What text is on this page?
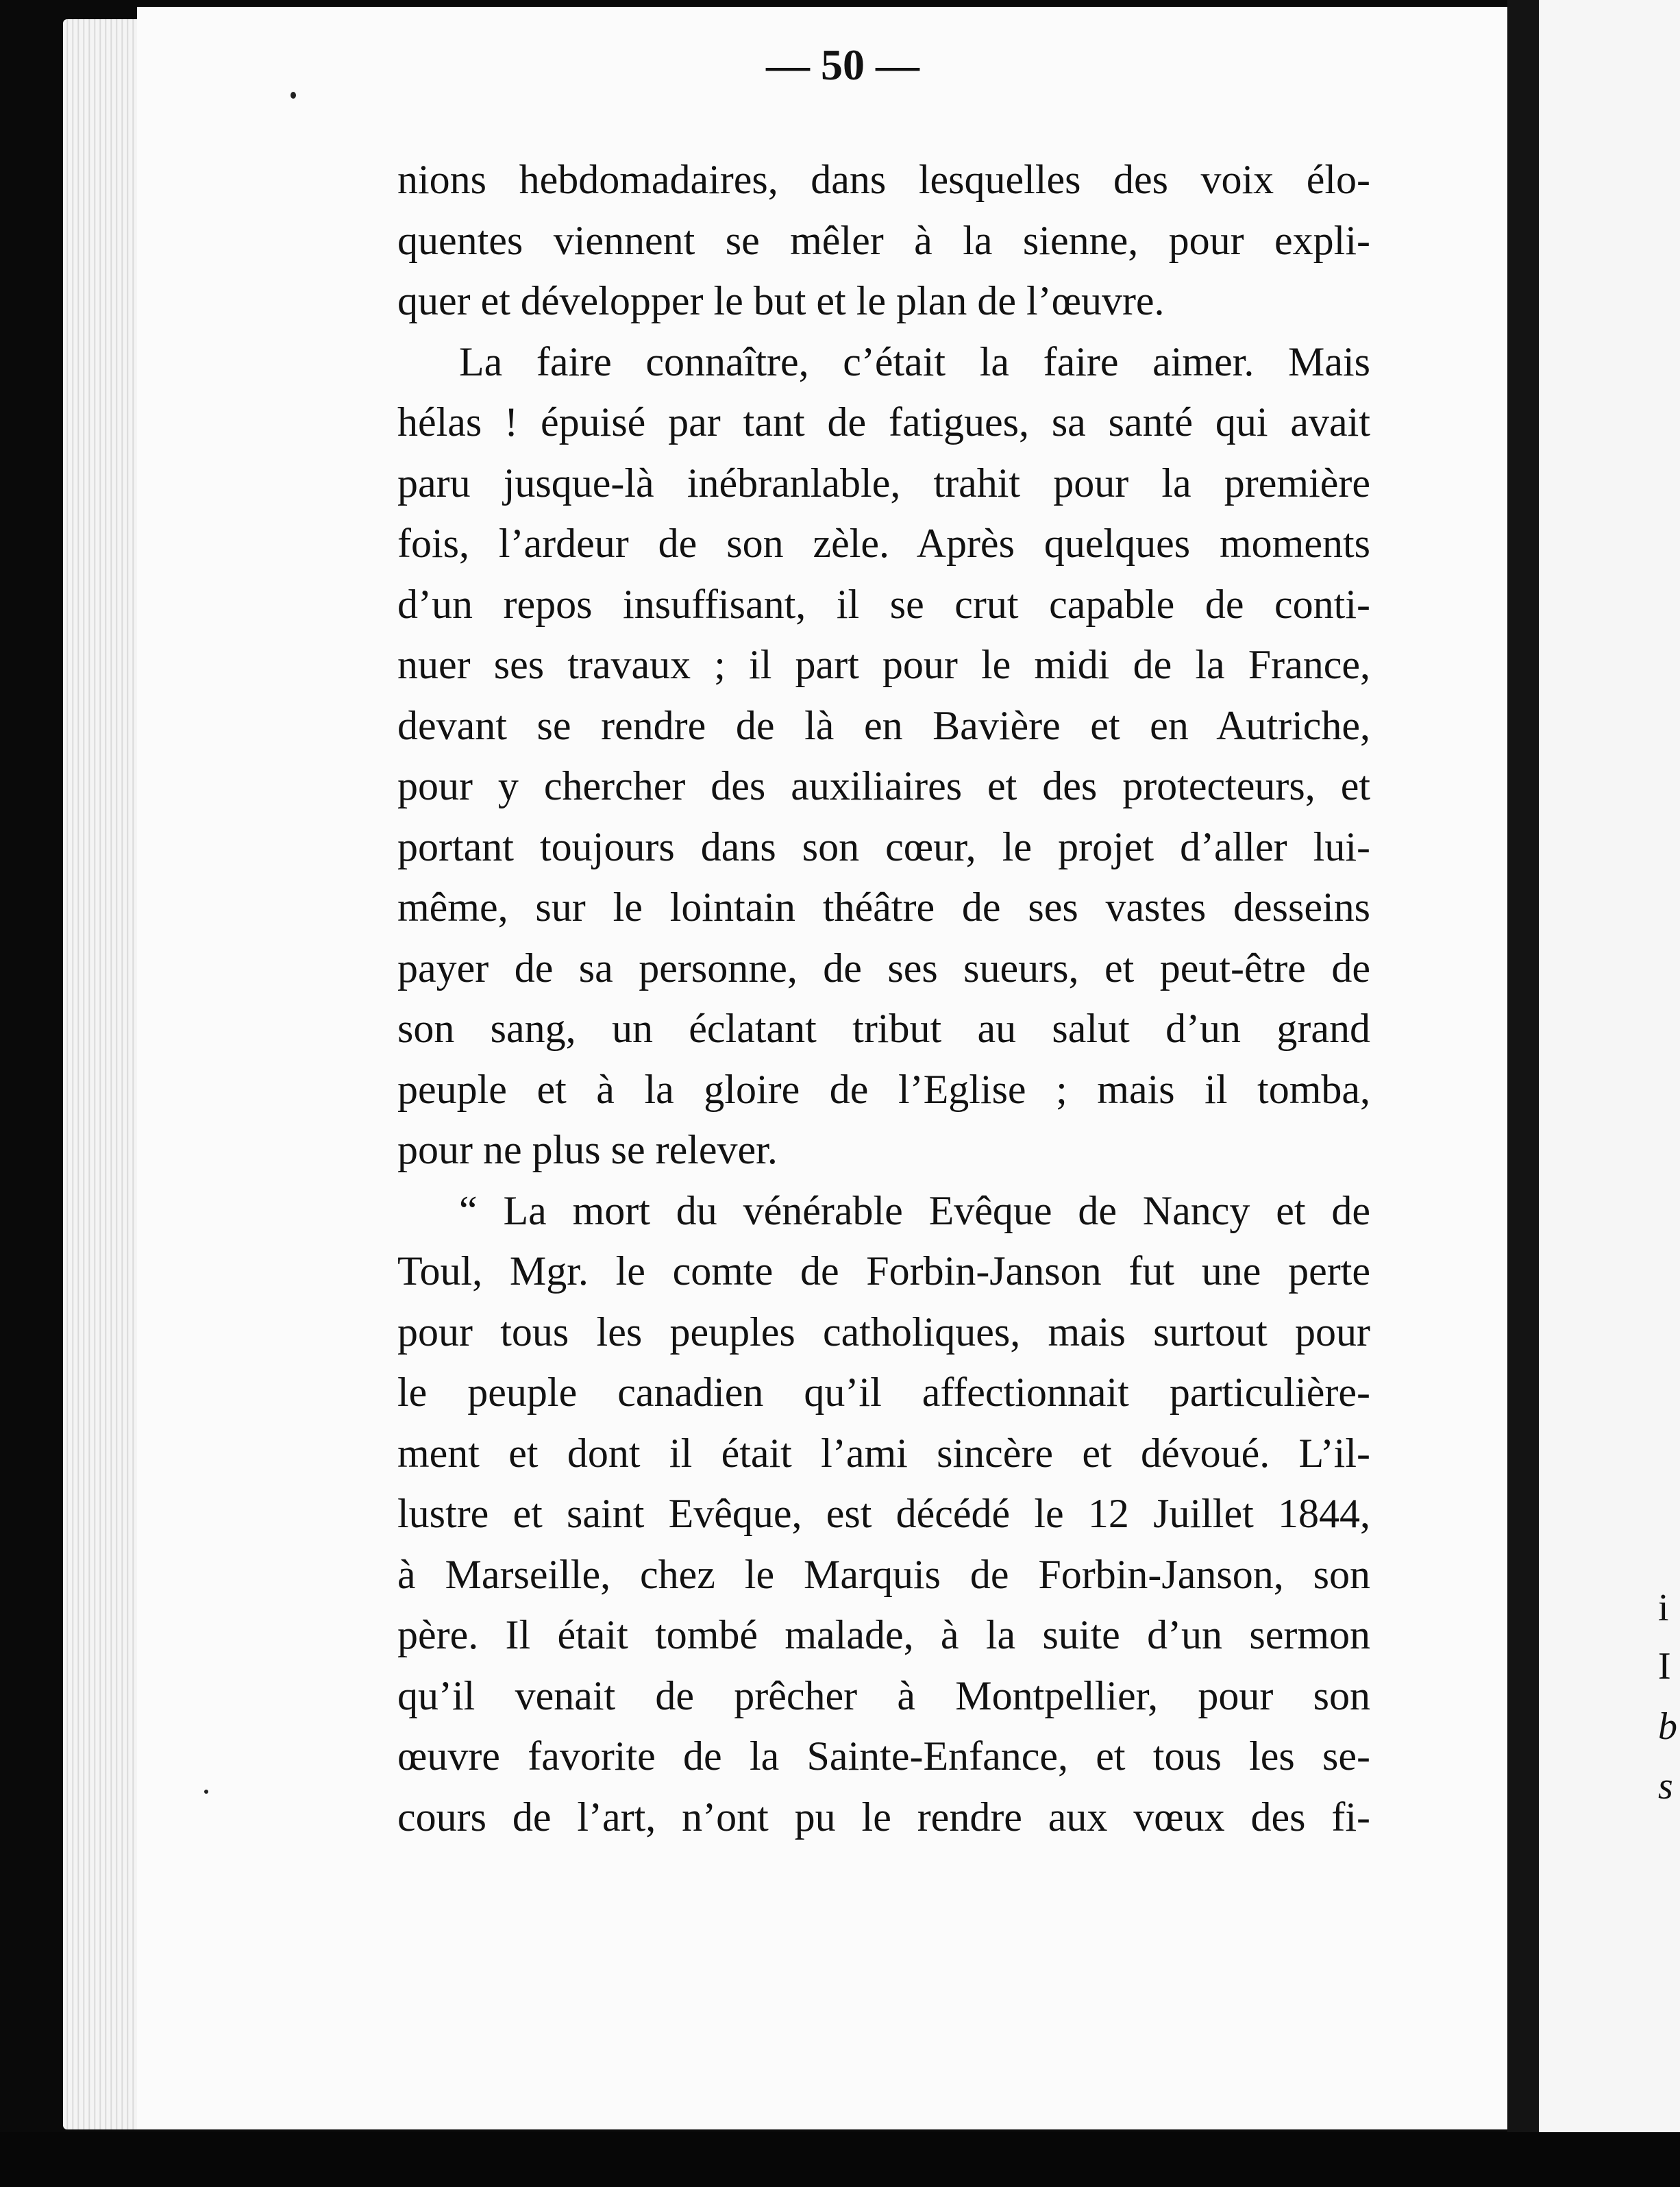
— 50 —
nions hebdomadaires, dans lesquelles des voix élo-
quentes viennent se mêler à la sienne, pour expli-
quer et développer le but et le plan de l’œuvre.
La faire connaître, c’était la faire aimer. Mais
hélas ! épuisé par tant de fatigues, sa santé qui avait
paru jusque-là inébranlable, trahit pour la première
fois, l’ardeur de son zèle. Après quelques moments
d’un repos insuffisant, il se crut capable de conti-
nuer ses travaux ; il part pour le midi de la France,
devant se rendre de là en Bavière et en Autriche,
pour y chercher des auxiliaires et des protecteurs, et
portant toujours dans son cœur, le projet d’aller lui-
même, sur le lointain théâtre de ses vastes desseins
payer de sa personne, de ses sueurs, et peut-être de
son sang, un éclatant tribut au salut d’un grand
peuple et à la gloire de l’Eglise ; mais il tomba,
pour ne plus se relever.
“ La mort du vénérable Evêque de Nancy et de
Toul, Mgr. le comte de Forbin-Janson fut une perte
pour tous les peuples catholiques, mais surtout pour
le peuple canadien qu’il affectionnait particulière-
ment et dont il était l’ami sincère et dévoué. L’il-
lustre et saint Evêque, est décédé le 12 Juillet 1844,
à Marseille, chez le Marquis de Forbin-Janson, son
père. Il était tombé malade, à la suite d’un sermon
qu’il venait de prêcher à Montpellier, pour son
œuvre favorite de la Sainte-Enfance, et tous les se-
cours de l’art, n’ont pu le rendre aux vœux des fi-
i
I
b
s
